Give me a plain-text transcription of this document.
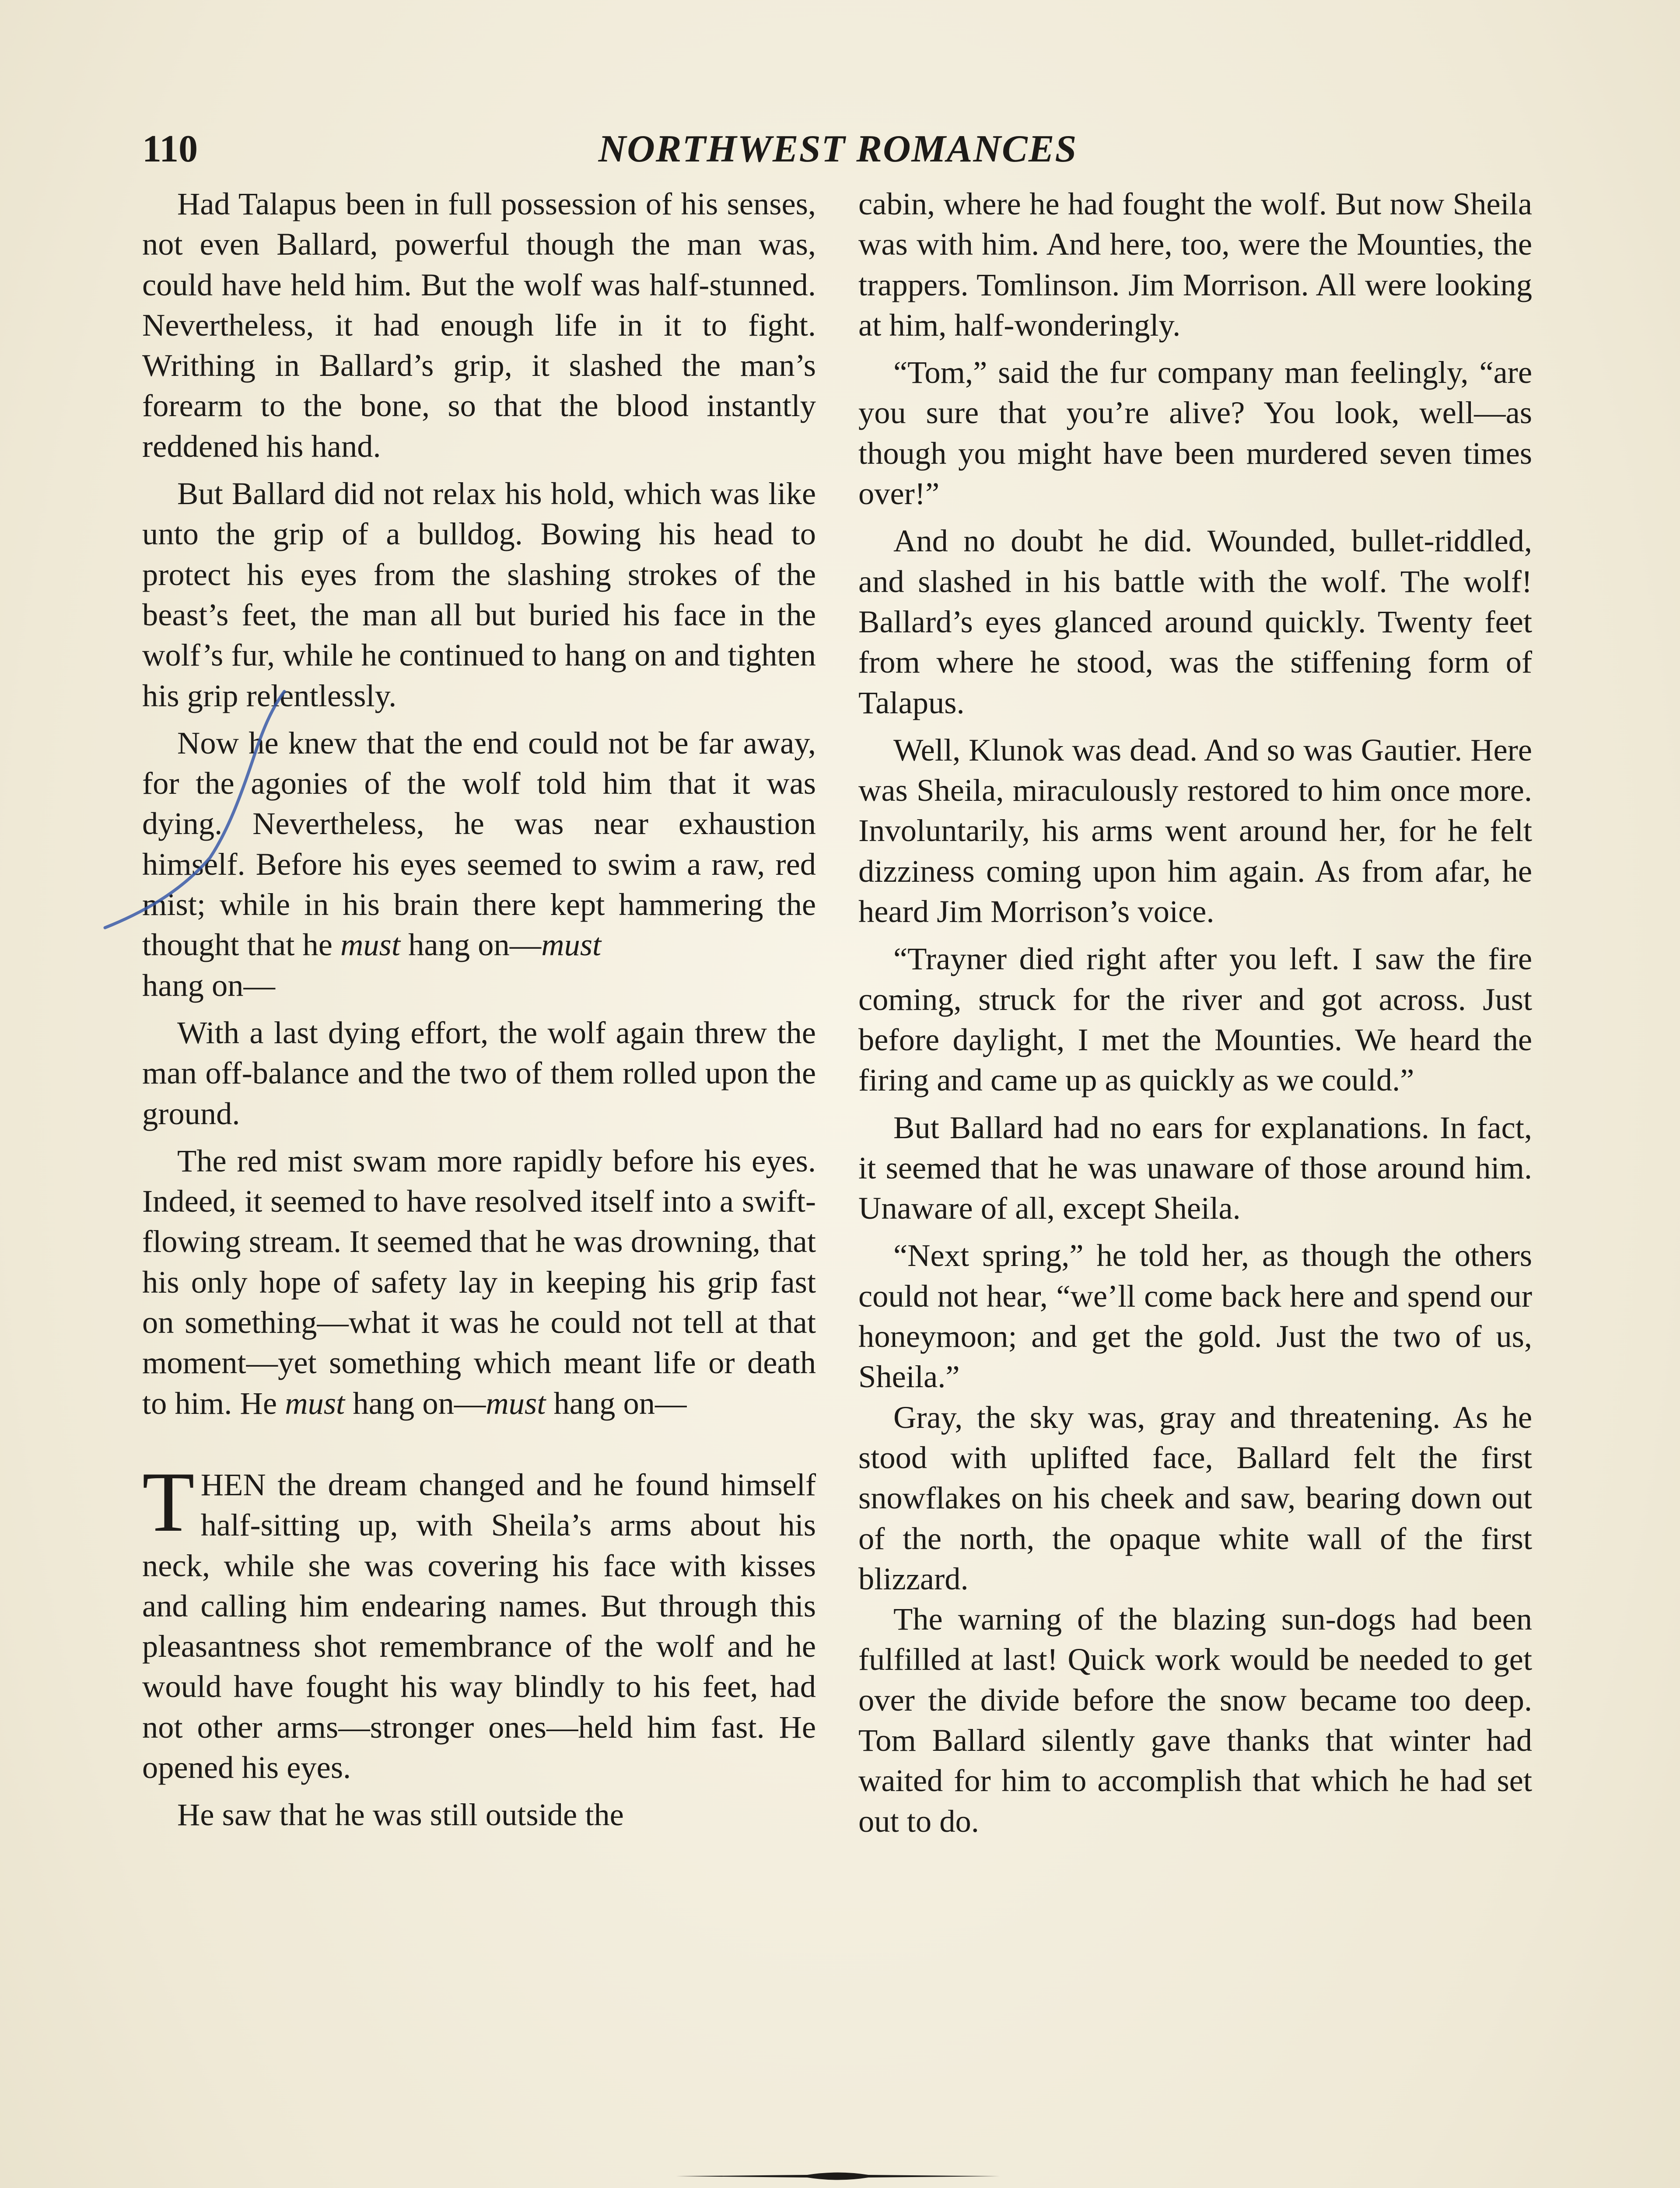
110	NORTHWEST ROMANCES

Had Talapus been in full possession of his senses, not even Ballard, powerful though the man was, could have held him. But the wolf was half-stunned. Nevertheless, it had enough life in it to fight. Writhing in Ballard’s grip, it slashed the man’s forearm to the bone, so that the blood instantly reddened his hand.

But Ballard did not relax his hold, which was like unto the grip of a bulldog. Bowing his head to protect his eyes from the slashing strokes of the beast’s feet, the man all but buried his face in the wolf’s fur, while he continued to hang on and tighten his grip relentlessly.

Now he knew that the end could not be far away, for the agonies of the wolf told him that it was dying. Nevertheless, he was near exhaustion himself. Before his eyes seemed to swim a raw, red mist; while in his brain there kept hammering the thought that he must hang on—must
hang on—

With a last dying effort, the wolf again threw the man off-balance and the two of them rolled upon the ground.

The red mist swam more rapidly before his eyes. Indeed, it seemed to have resolved itself into a swift-flowing stream. It seemed that he was drowning, that his only hope of safety lay in keeping his grip fast on something—what it was he could not tell at that moment—yet something which meant life or death to him. He must hang on—must hang on—

THEN the dream changed and he found himself half-sitting up, with Sheila’s arms about his neck, while she was covering his face with kisses and calling him endearing names. But through this pleasantness shot remembrance of the wolf and he would have fought his way blindly to his feet, had not other arms—stronger ones—held him fast. He opened his eyes.

He saw that he was still outside the

cabin, where he had fought the wolf. But now Sheila was with him. And here, too, were the Mounties, the trappers. Tomlinson. Jim Morrison. All were looking at him, half-wonderingly.

“Tom,” said the fur company man feelingly, “are you sure that you’re alive? You look, well—as though you might have been murdered seven times over!”

And no doubt he did. Wounded, bullet-riddled, and slashed in his battle with the wolf. The wolf! Ballard’s eyes glanced around quickly. Twenty feet from where he stood, was the stiffening form of Talapus.

Well, Klunok was dead. And so was Gautier. Here was Sheila, miraculously restored to him once more. Involuntarily, his arms went around her, for he felt dizziness coming upon him again. As from afar, he heard Jim Morrison’s voice.

“Trayner died right after you left. I saw the fire coming, struck for the river and got across. Just before daylight, I met the Mounties. We heard the firing and came up as quickly as we could.”

But Ballard had no ears for explanations. In fact, it seemed that he was unaware of those around him. Unaware of all, except Sheila.

“Next spring,” he told her, as though the others could not hear, “we’ll come back here and spend our honeymoon; and get the gold. Just the two of us, Sheila.”

Gray, the sky was, gray and threatening. As he stood with uplifted face, Ballard felt the first snowflakes on his cheek and saw, bearing down out of the north, the opaque white wall of the first blizzard.

The warning of the blazing sun-dogs had been fulfilled at last! Quick work would be needed to get over the divide before the snow became too deep. Tom Ballard silently gave thanks that winter had waited for him to accomplish that which he had set out to do.
